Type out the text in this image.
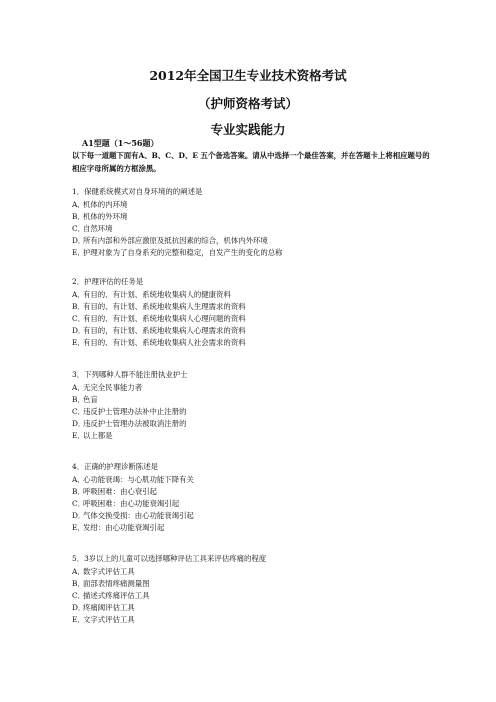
2012年全国卫生专业技术资格考试
（护师资格考试）
专业实践能力
A1型题（1～56题）
以下每一道题下面有A、B、C、D、E 五个备选答案。请从中选择一个最佳答案，并在答题卡上将相应题号的相应字母所属的方框涂黑。
1．保健系统模式对自身环境的的阐述是
A．机体的内环境
B．机体的外环境
C．自然环境
D．所有内部和外部应激原及抵抗因素的综合，机体内外环境
E．护理对象为了自身系充的完整和稳定，自发产生的变化的总称
2．护理评估的任务是
A．有目的、有计划、系统地收集病人的健康资料
B．有目的、有计划、系统地收集病人生理需求的资料
C．有目的、有计划、系统地收集病人心理问题的资料
D．有目的，有计划、系统地收集病人心理需求的资料
E．有目的、有计划、系统地收集病人社会需求的资料
3．下列哪种人群不能注册执业护士
A．无完全民事能力者
B．色盲
C．违反护士管理办法补中止注册的
D．违反护士管理办法被取消注册的
E．以上都是
4．正确的护理诊断陈述是
A．心功能衰竭：与心肌功能下降有关
B．呼吸困难：由心衰引起
C．呼吸困难：由心功能衰竭引起
D．气体交换受损：由心功能衰竭引起
E．发绀：由心功能衰竭引起
5．3岁以上的儿童可以选择哪种评估工具来评估疼痛的程度
A．数字式评估工具
B．面部表情疼痛测量图
C．描述式疼痛评估工具
D．疼痛阈评估工具
E．文字式评估工具
